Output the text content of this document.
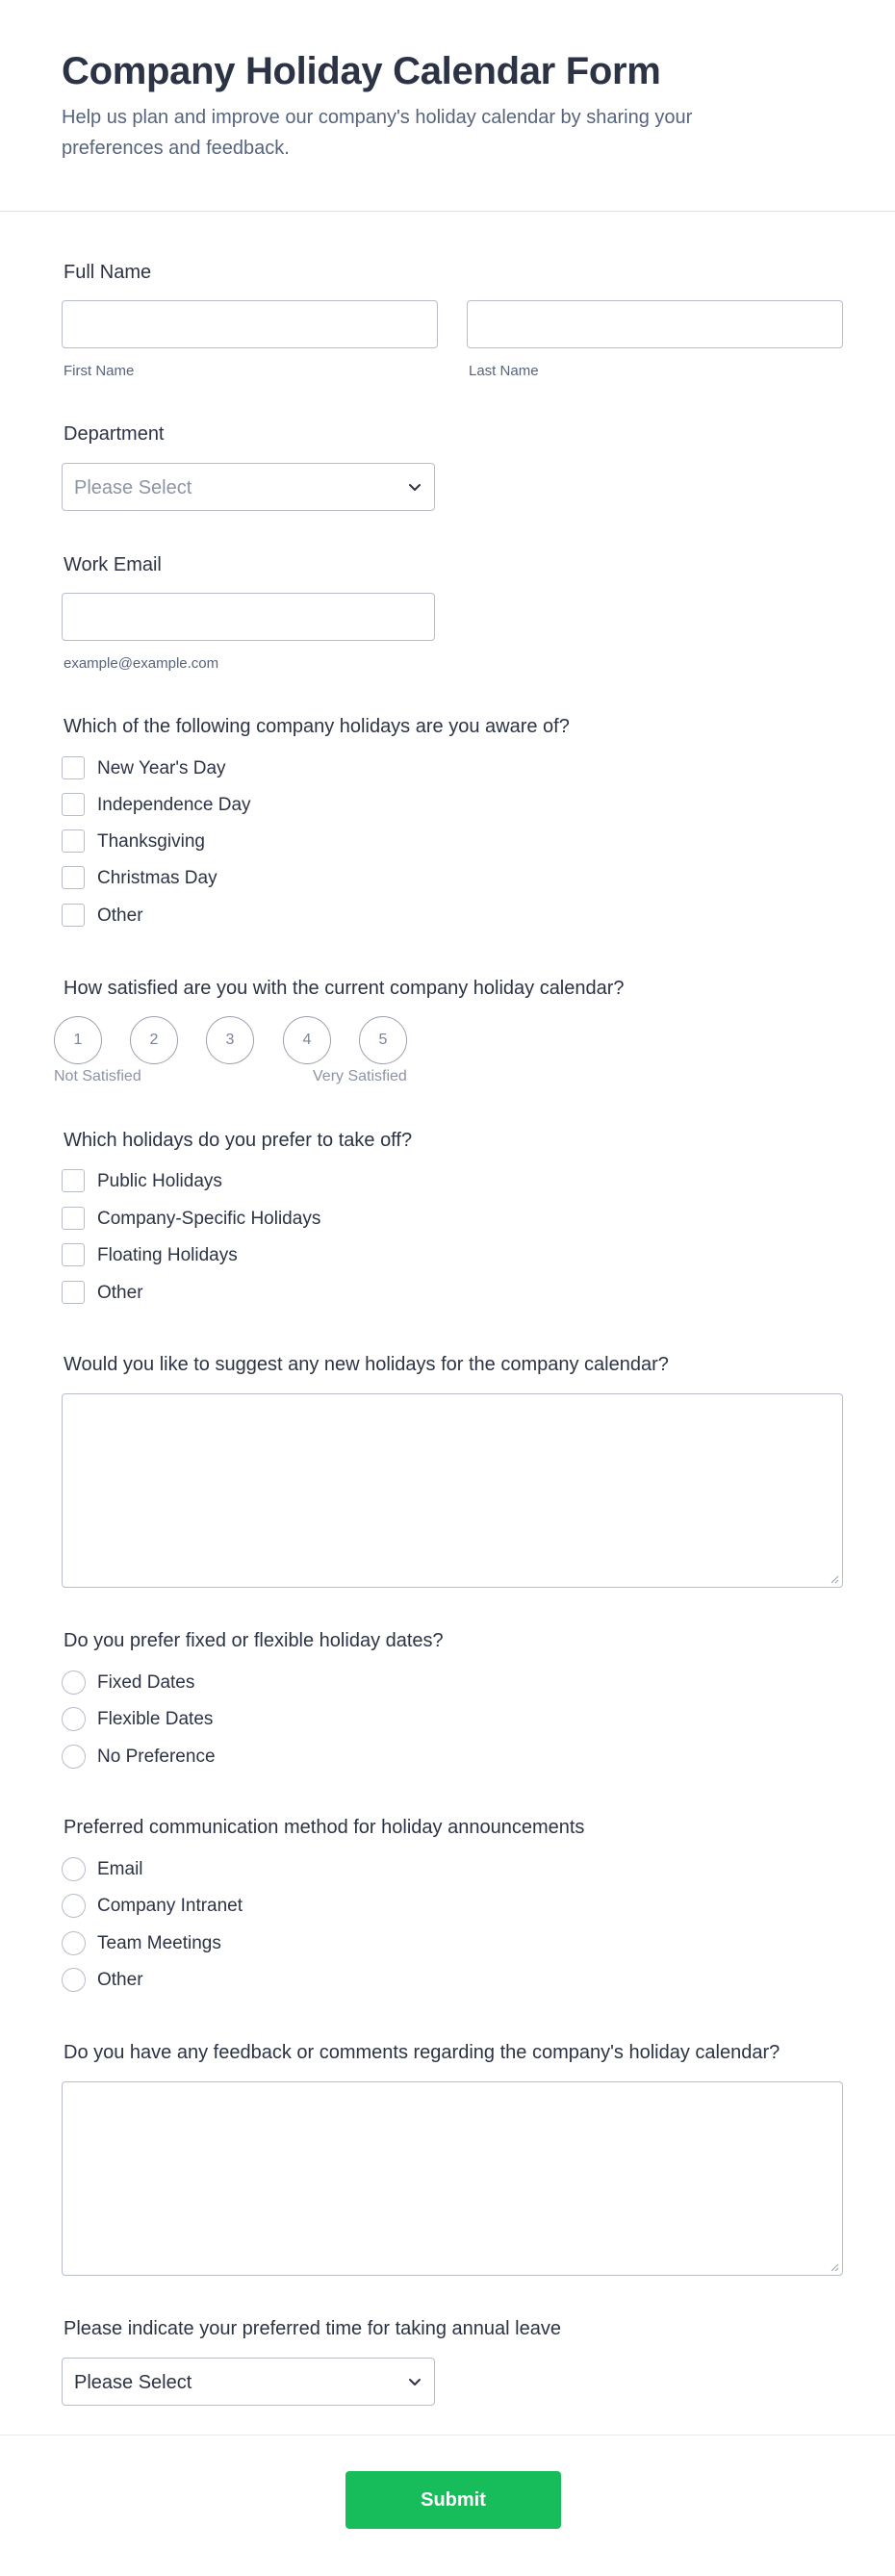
Company Holiday Calendar Form

Help us plan and improve our company's holiday calendar by sharing your preferences and feedback.

Full Name
First Name	Last Name
Department
Please Select
Work Email
example@example.com
Which of the following company holidays are you aware of?
New Year's Day
Independence Day
Thanksgiving
Christmas Day
Other
How satisfied are you with the current company holiday calendar?
1	2	3	4	5
Not Satisfied	Very Satisfied
Which holidays do you prefer to take off?
Public Holidays
Company-Specific Holidays
Floating Holidays
Other
Would you like to suggest any new holidays for the company calendar?
Do you prefer fixed or flexible holiday dates?
Fixed Dates
Flexible Dates
No Preference
Preferred communication method for holiday announcements
Email
Company Intranet
Team Meetings
Other
Do you have any feedback or comments regarding the company's holiday calendar?
Please indicate your preferred time for taking annual leave
Please Select
Submit
